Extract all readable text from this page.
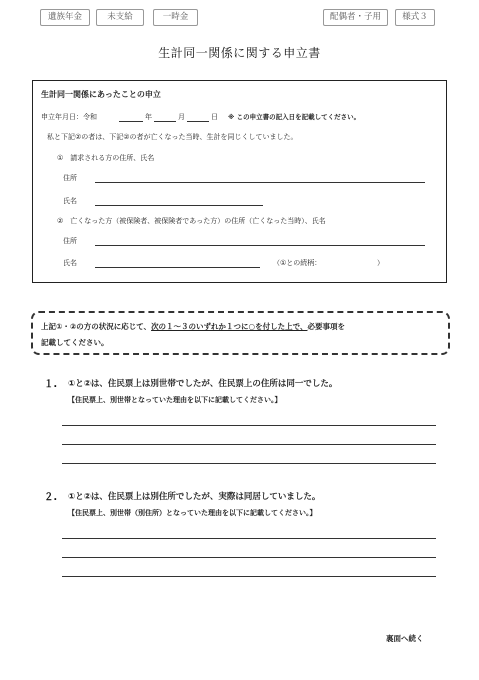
遺族年金	未支給	一時金	配偶者・子用	様式３
生計同一関係に関する申立書
生計同一関係にあったことの申立
申立年月日：令和	年	月	日 ※ この申立書の記入日を記載してください。
私と下記②の者は、下記②の者が亡くなった当時、生計を同じくしていました。
①　請求される方の住所、氏名
住所
氏名
②　亡くなった方（被保険者、被保険者であった方）の住所（亡くなった当時）、氏名
住所
氏名	（①との続柄：	）
上記①・②の方の状況に応じて、次の１～３のいずれか１つに○を付した上で、必要事項を
記載してください。
１. ①と②は、住民票上は別世帯でしたが、住民票上の住所は同一でした。
【住民票上、別世帯となっていた理由を以下に記載してください。】
２. ①と②は、住民票上は別住所でしたが、実際は同居していました。
【住民票上、別世帯（別住所）となっていた理由を以下に記載してください。】
裏面へ続く
